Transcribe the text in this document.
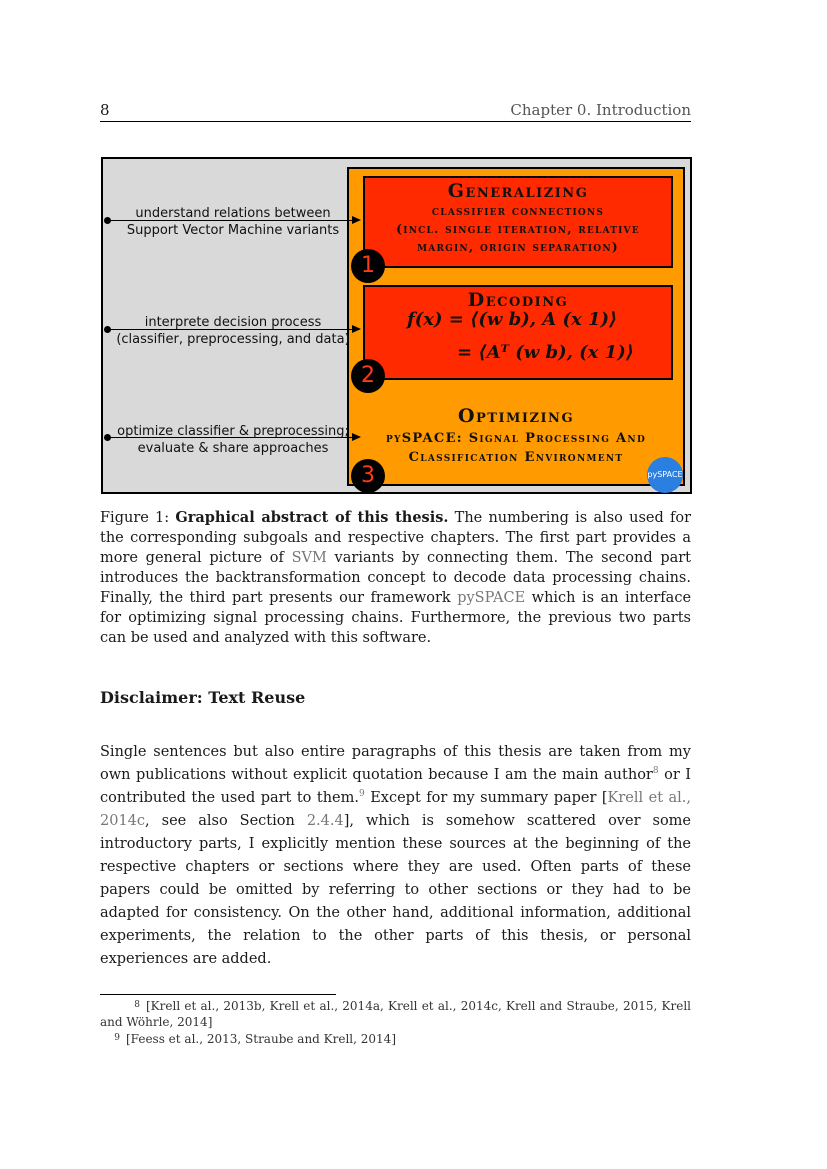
8	Chapter 0. Introduction
Generalizing
classifier connections
(incl. single iteration, relative
margin, origin separation)
Decoding
f(x) = ⟨(w b), A (x 1)⟩
= ⟨Aᵀ (w b), (x 1)⟩
Optimizing
pySPACE: Signal Processing And
Classification Environment
1
2
3	pySPACE
understand relations between
Support Vector Machine variants
interprete decision process
(classifier, preprocessing, and data)
optimize classifier & preprocessing;
evaluate & share approaches
Figure 1: Graphical abstract of this thesis. The numbering is also used for the corresponding subgoals and respective chapters. The first part provides a more general picture of SVM variants by connecting them. The second part introduces the backtransformation concept to decode data processing chains. Finally, the third part presents our framework pySPACE which is an interface for optimizing signal processing chains. Furthermore, the previous two parts can be used and analyzed with this software.
Disclaimer: Text Reuse
Single sentences but also entire paragraphs of this thesis are taken from my own publications without explicit quotation because I am the main author$^8$ or I contributed the used part to them.$^9$ Except for my summary paper [Krell et al., 2014c, see also Section 2.4.4], which is somehow scattered over some introductory parts, I explicitly mention these sources at the beginning of the respective chapters or sections where they are used. Often parts of these papers could be omitted by referring to other sections or they had to be adapted for consistency. On the other hand, additional information, additional experiments, the relation to the other parts of this thesis, or personal experiences are added.
8 [Krell et al., 2013b, Krell et al., 2014a, Krell et al., 2014c, Krell and Straube, 2015, Krell and Wöhrle, 2014]
9 [Feess et al., 2013, Straube and Krell, 2014]
